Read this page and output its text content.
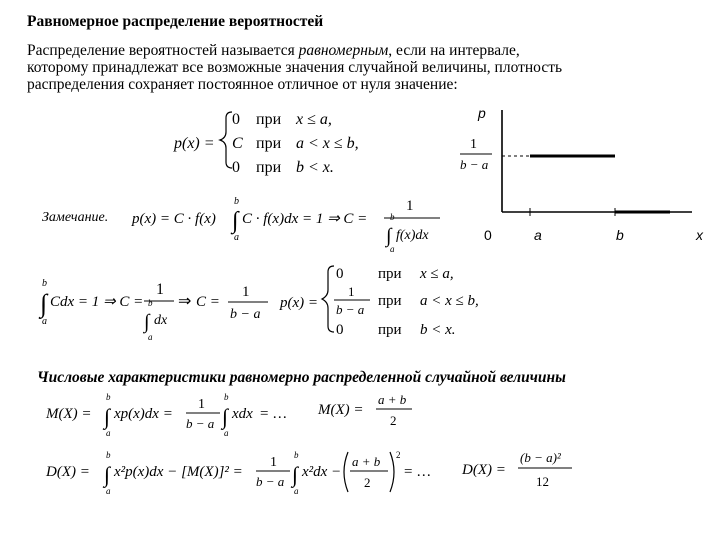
Равномерное распределение вероятностей
Распределение вероятностей называется равномерным, если на интервале, которому принадлежат все возможные значения случайной величины, плотность распределения сохраняет постоянное отличное от нуля значение:
p(x) =
0 при x ≤ a,
C при a < x ≤ b,
0 при b < x.
Замечание. p(x) = C · f(x)
b
∫
a
C · f(x)dx = 1 ⇒ C =
1
b
∫
a
f(x)dx
p
1
b − a
0	a	b	x
b
∫
a
Cdx = 1 ⇒ C =
1
b
∫
a
dx
⇒ C =
1
b − a
p(x) =
0 при x ≤ a,
1
b − a
при a < x ≤ b,
0 при b < x.
Числовые характеристики равномерно распределенной случайной величины
M(X) =
b
∫
a
xp(x)dx =
1
b − a
b
∫
a
xdx = … M(X) =
a + b
2
D(X) =
b
∫
a
x²p(x)dx − [M(X)]² =
1
b − a
b
∫
a
x²dx −
a + b
2
2
= … D(X) =
(b − a)²
12
